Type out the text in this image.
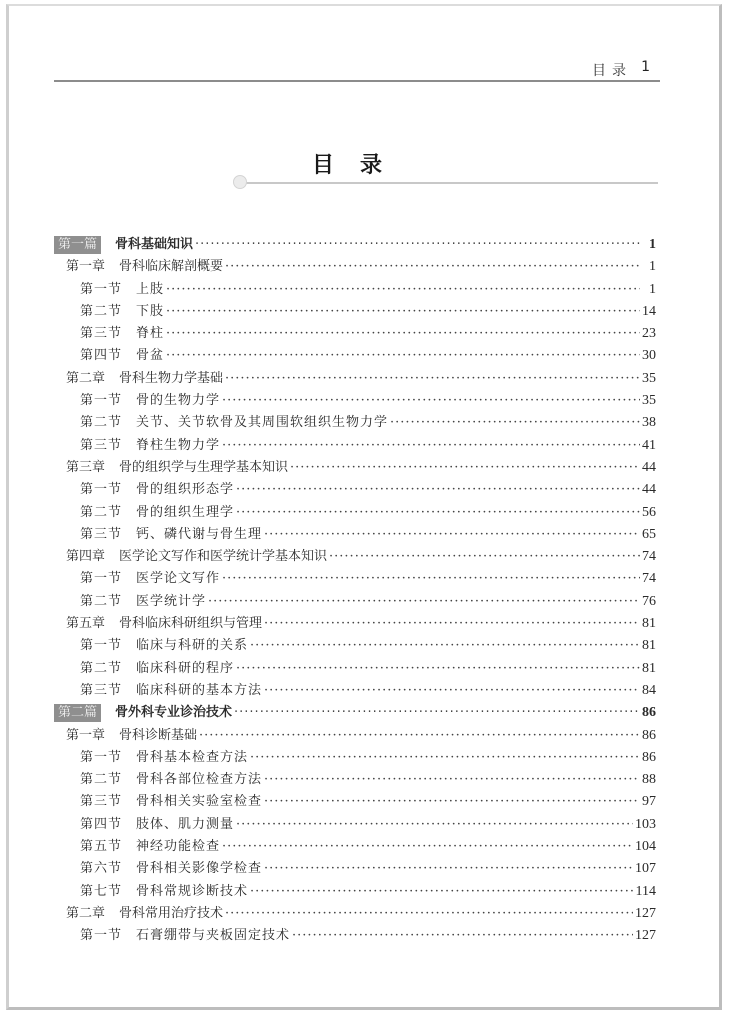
目录 1
目录
第一篇	骨科基础知识 ·····	1
第一章 骨科临床解剖概要 ·····	1
第一节 上肢 ·····	1
第二节 下肢 ·····	14
第三节 脊柱 ·····	23
第四节 骨盆 ·····	30
第二章 骨科生物力学基础 ·····	35
第一节 骨的生物力学 ·····	35
第二节 关节、关节软骨及其周围软组织生物力学 ·····	38
第三节 脊柱生物力学 ·····	41
第三章 骨的组织学与生理学基本知识 ·····	44
第一节 骨的组织形态学 ·····	44
第二节 骨的组织生理学 ·····	56
第三节 钙、磷代谢与骨生理 ·····	65
第四章 医学论文写作和医学统计学基本知识 ·····	74
第一节 医学论文写作 ·····	74
第二节 医学统计学 ·····	76
第五章 骨科临床科研组织与管理 ·····	81
第一节 临床与科研的关系 ·····	81
第二节 临床科研的程序 ·····	81
第三节 临床科研的基本方法 ·····	84
第二篇	骨外科专业诊治技术 ·····	86
第一章 骨科诊断基础 ·····	86
第一节 骨科基本检查方法 ·····	86
第二节 骨科各部位检查方法 ·····	88
第三节 骨科相关实验室检查 ·····	97
第四节 肢体、肌力测量 ·····	103
第五节 神经功能检查 ·····	104
第六节 骨科相关影像学检查 ·····	107
第七节 骨科常规诊断技术 ·····	114
第二章 骨科常用治疗技术 ·····	127
第一节 石膏绷带与夹板固定技术 ·····	127
